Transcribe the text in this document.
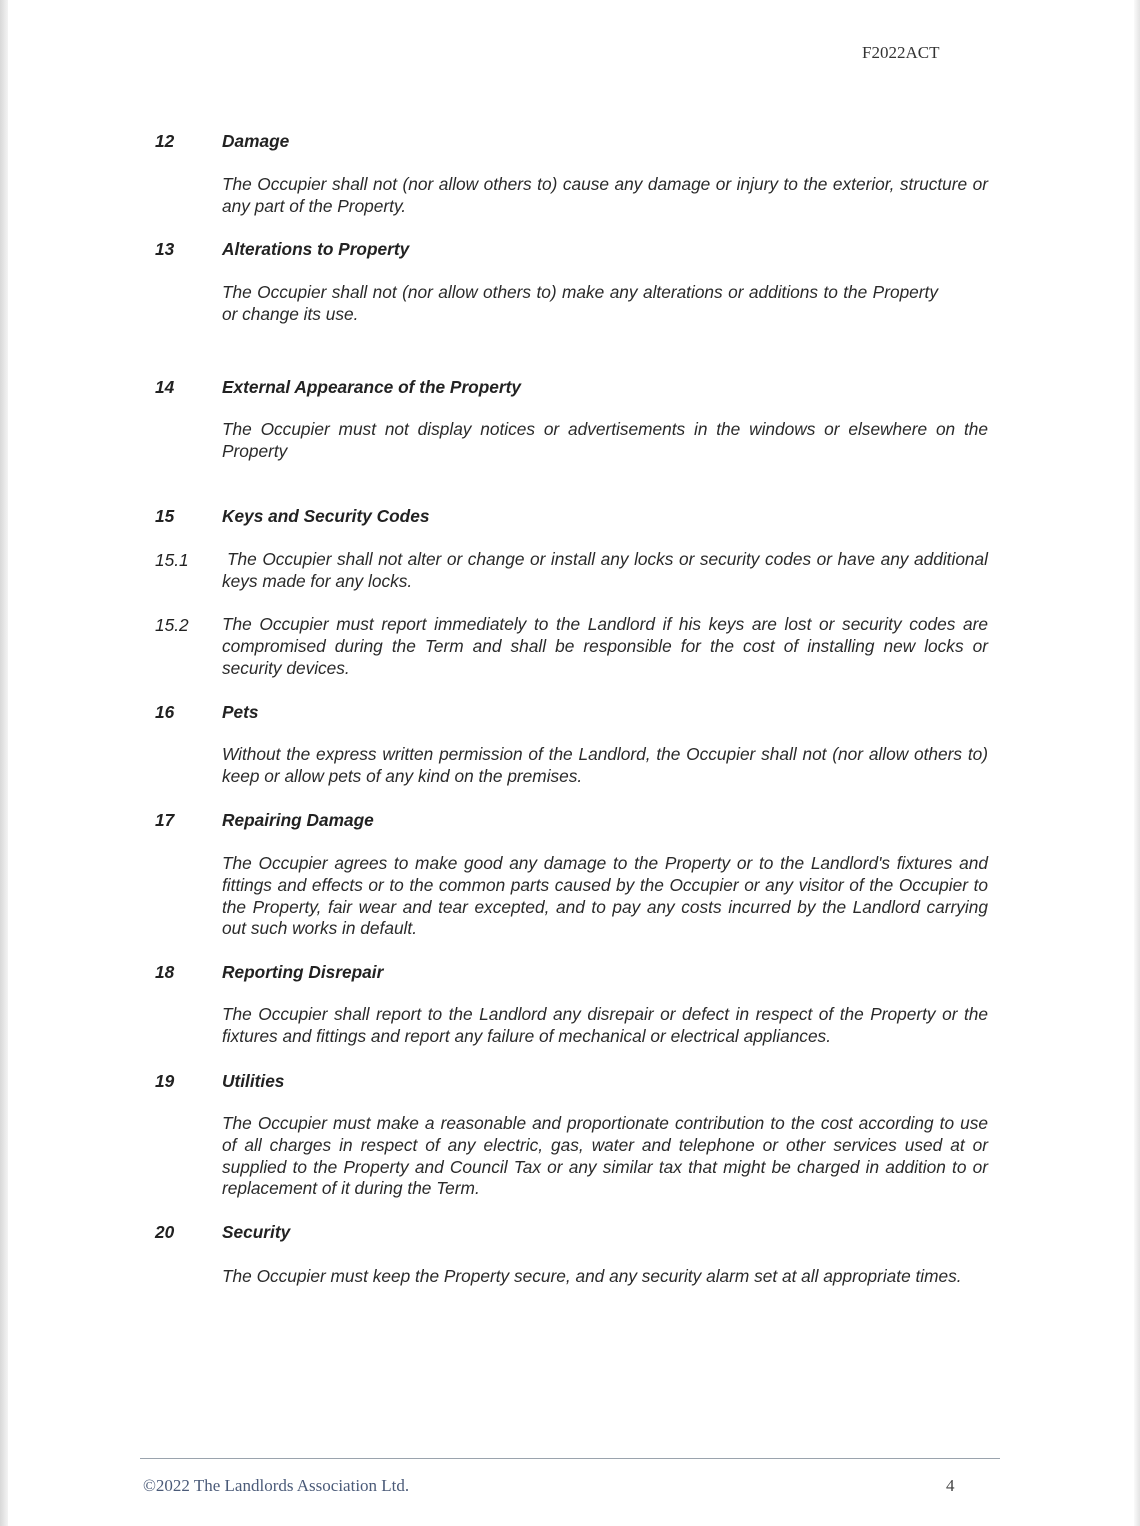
F2022ACT
12	Damage
The Occupier shall not (nor allow others to) cause any damage or injury to the exterior, structure or any part of the Property.
13	Alterations to Property
The Occupier shall not (nor allow others to) make any alterations or additions to the Property or change its use.
14	External Appearance of the Property
The Occupier must not display notices or advertisements in the windows or elsewhere on the Property
15	Keys and Security Codes
15.1 The Occupier shall not alter or change or install any locks or security codes or have any additional keys made for any locks.
15.2 The Occupier must report immediately to the Landlord if his keys are lost or security codes are compromised during the Term and shall be responsible for the cost of installing new locks or security devices.
16	Pets
Without the express written permission of the Landlord, the Occupier shall not (nor allow others to) keep or allow pets of any kind on the premises.
17	Repairing Damage
The Occupier agrees to make good any damage to the Property or to the Landlord's fixtures and fittings and effects or to the common parts caused by the Occupier or any visitor of the Occupier to the Property, fair wear and tear excepted, and to pay any costs incurred by the Landlord carrying out such works in default.
18	Reporting Disrepair
The Occupier shall report to the Landlord any disrepair or defect in respect of the Property or the fixtures and fittings and report any failure of mechanical or electrical appliances.
19	Utilities
The Occupier must make a reasonable and proportionate contribution to the cost according to use of all charges in respect of any electric, gas, water and telephone or other services used at or supplied to the Property and Council Tax or any similar tax that might be charged in addition to or replacement of it during the Term.
20	Security
The Occupier must keep the Property secure, and any security alarm set at all appropriate times.
©2022 The Landlords Association Ltd.	4
